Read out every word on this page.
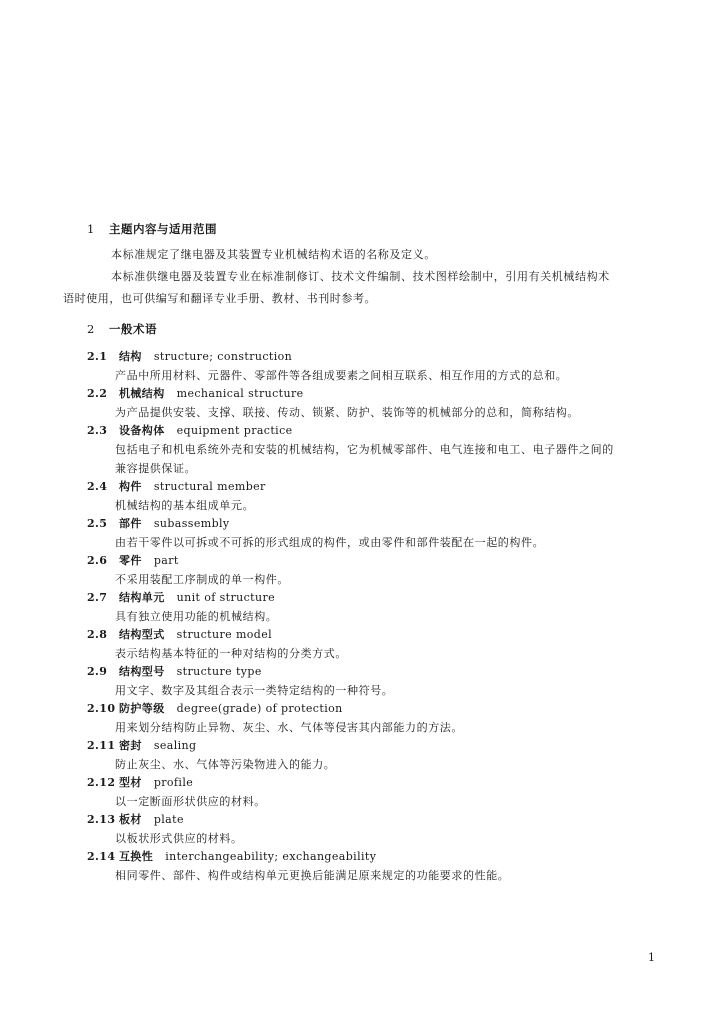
1 主题内容与适用范围

本标准规定了继电器及其装置专业机械结构术语的名称及定义。

本标准供继电器及装置专业在标准制修订、技术文件编制、技术图样绘制中，引用有关机械结构术

语时使用，也可供编写和翻译专业手册、教材、书刊时参考。

2 一般术语

2.1 结构 structure; construction

产品中所用材料、元器件、零部件等各组成要素之间相互联系、相互作用的方式的总和。

2.2 机械结构 mechanical structure

为产品提供安装、支撑、联接、传动、锁紧、防护、装饰等的机械部分的总和，简称结构。

2.3 设备构体 equipment practice

包括电子和机电系统外壳和安装的机械结构，它为机械零部件、电气连接和电工、电子器件之间的

兼容提供保证。

2.4 构件 structural member

机械结构的基本组成单元。

2.5 部件 subassembly

由若干零件以可拆或不可拆的形式组成的构件，或由零件和部件装配在一起的构件。

2.6 零件 part

不采用装配工序制成的单一构件。

2.7 结构单元 unit of structure

具有独立使用功能的机械结构。

2.8 结构型式 structure model

表示结构基本特征的一种对结构的分类方式。

2.9 结构型号 structure type

用文字、数字及其组合表示一类特定结构的一种符号。

2.10 防护等级 degree(grade) of protection

用来划分结构防止异物、灰尘、水、气体等侵害其内部能力的方法。

2.11 密封 sealing

防止灰尘、水、气体等污染物进入的能力。

2.12 型材 profile

以一定断面形状供应的材料。

2.13 板材 plate

以板状形式供应的材料。

2.14 互换性 interchangeability; exchangeability

相同零件、部件、构件或结构单元更换后能满足原来规定的功能要求的性能。

1
